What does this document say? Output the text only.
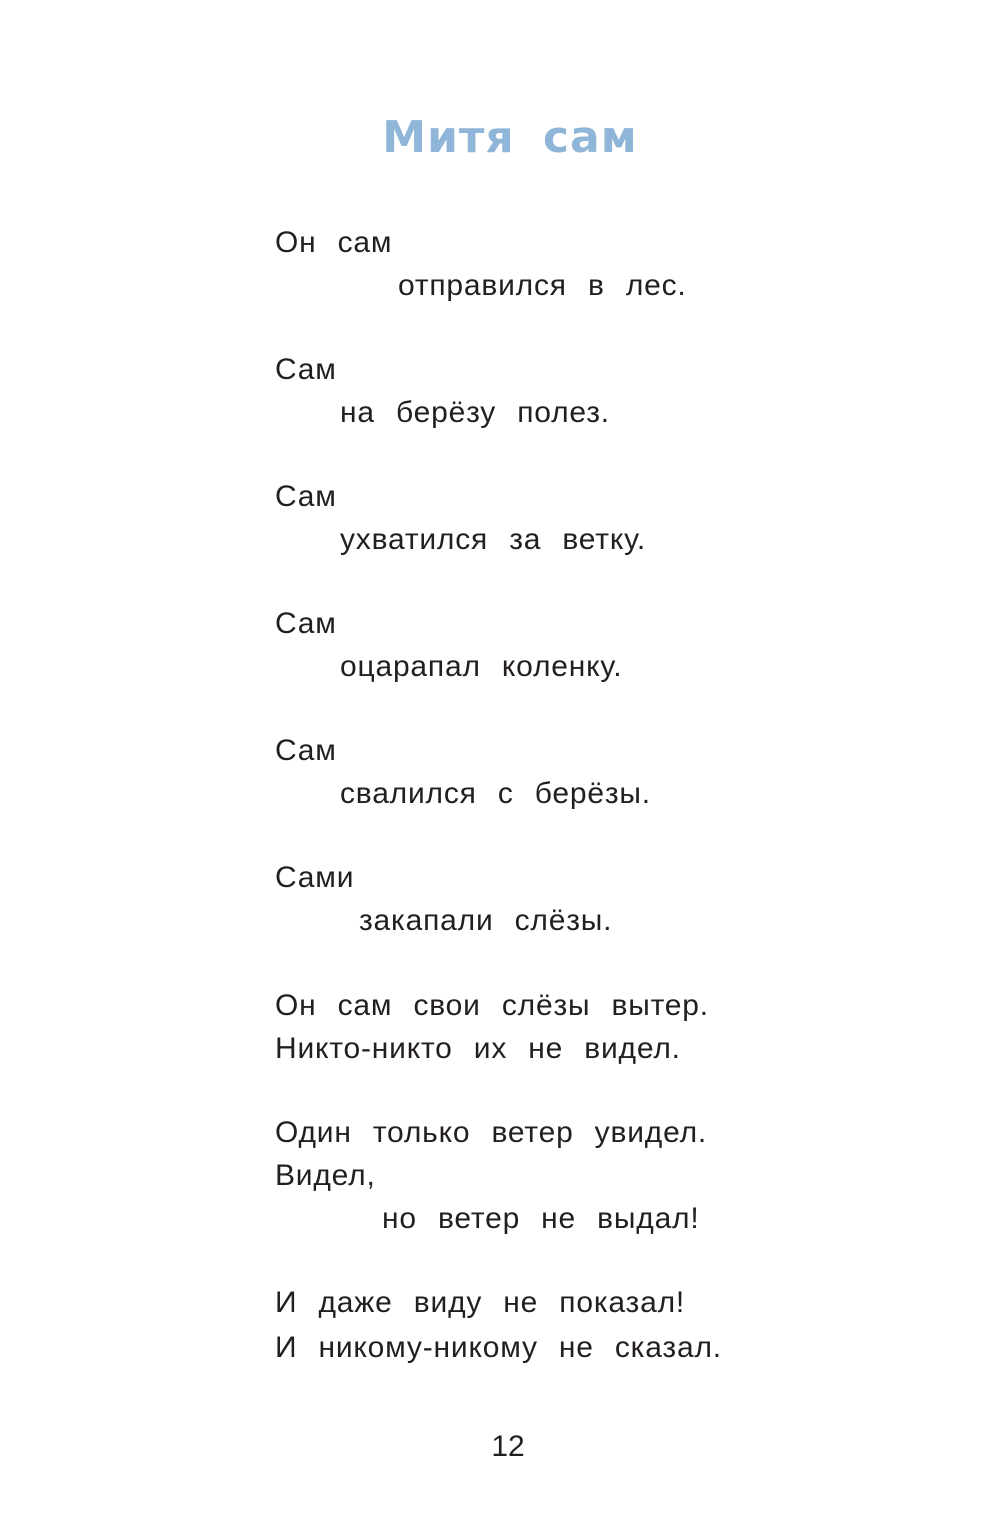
Митя сам
Он сам
отправился в лес.
Сам
на берёзу полез.
Сам
ухватился за ветку.
Сам
оцарапал коленку.
Сам
свалился с берёзы.
Сами
закапали слёзы.
Он сам свои слёзы вытер.
Никто-никто их не видел.
Один только ветер увидел.
Видел,
но ветер не выдал!
И даже виду не показал!
И никому-никому не сказал.
12
